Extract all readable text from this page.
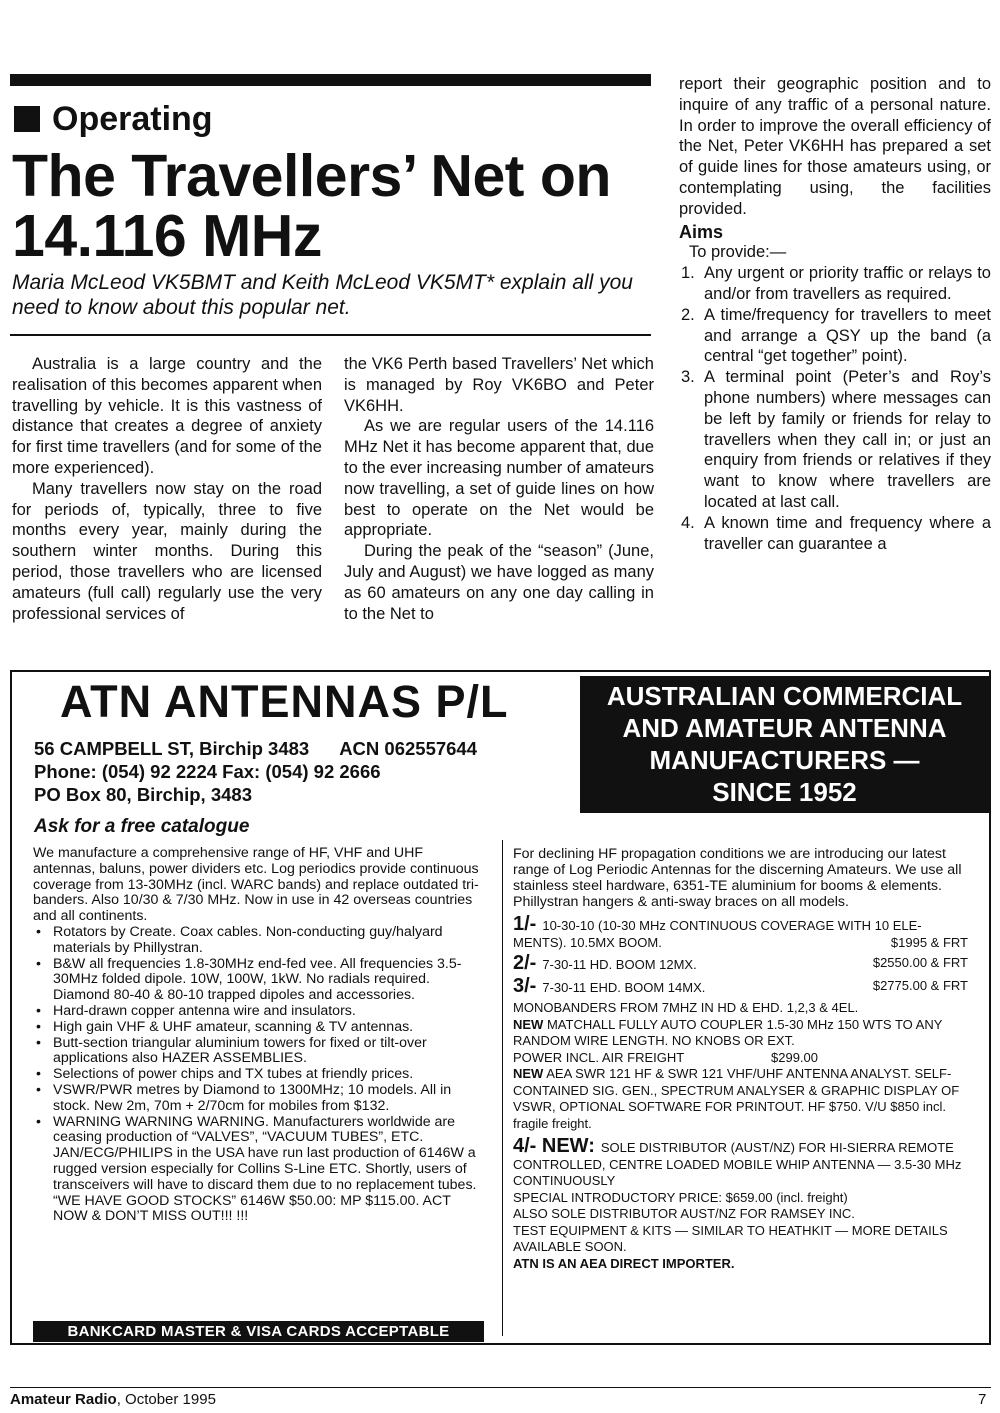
Operating
The Travellers’ Net on 14.116 MHz
Maria McLeod VK5BMT and Keith McLeod VK5MT* explain all you need to know about this popular net.

Australia is a large country and the realisation of this becomes apparent when travelling by vehicle. It is this vastness of distance that creates a degree of anxiety for first time travellers (and for some of the more experienced).

Many travellers now stay on the road for periods of, typically, three to five months every year, mainly during the southern winter months. During this period, those travellers who are licensed amateurs (full call) regularly use the very professional services of

the VK6 Perth based Travellers’ Net which is managed by Roy VK6BO and Peter VK6HH.

As we are regular users of the 14.116 MHz Net it has become apparent that, due to the ever increasing number of amateurs now travelling, a set of guide lines on how best to operate on the Net would be appropriate.

During the peak of the “season” (June, July and August) we have logged as many as 60 amateurs on any one day calling in to the Net to

report their geographic position and to inquire of any traffic of a personal nature. In order to improve the overall efficiency of the Net, Peter VK6HH has prepared a set of guide lines for those amateurs using, or contemplating using, the facilities provided.

Aims

To provide:—

1. Any urgent or priority traffic or relays to and/or from travellers as required.
2. A time/frequency for travellers to meet and arrange a QSY up the band (a central “get together” point).
3. A terminal point (Peter’s and Roy’s phone numbers) where messages can be left by family or friends for relay to travellers when they call in; or just an enquiry from friends or relatives if they want to know where travellers are located at last call.
4. A known time and frequency where a traveller can guarantee a
ATN ANTENNAS P/L
56 CAMPBELL ST, Birchip 3483 ACN 062557644
Phone: (054) 92 2224 Fax: (054) 92 2666
PO Box 80, Birchip, 3483
Ask for a free catalogue
AUSTRALIAN COMMERCIAL
AND AMATEUR ANTENNA
MANUFACTURERS —
SINCE 1952

We manufacture a comprehensive range of HF, VHF and UHF antennas, baluns, power dividers etc. Log periodics provide continuous coverage from 13-30MHz (incl. WARC bands) and replace outdated tri-banders. Also 10/30 & 7/30 MHz. Now in use in 42 overseas countries and all continents.

• Rotators by Create. Coax cables. Non-conducting guy/halyard materials by Phillystran.
• B&W all frequencies 1.8-30MHz end-fed vee. All frequencies 3.5-30MHz folded dipole. 10W, 100W, 1kW. No radials required. Diamond 80-40 & 80-10 trapped dipoles and accessories.
• Hard-drawn copper antenna wire and insulators.
• High gain VHF & UHF amateur, scanning & TV antennas.
• Butt-section triangular aluminium towers for fixed or tilt-over applications also HAZER ASSEMBLIES.
• Selections of power chips and TX tubes at friendly prices.
• VSWR/PWR metres by Diamond to 1300MHz; 10 models. All in stock. New 2m, 70m + 2/70cm for mobiles from $132.
• WARNING WARNING WARNING. Manufacturers worldwide are ceasing production of “VALVES”, “VACUUM TUBES”, ETC. JAN/ECG/PHILIPS in the USA have run last production of 6146W a rugged version especially for Collins S-Line ETC. Shortly, users of transceivers will have to discard them due to no replacement tubes. “WE HAVE GOOD STOCKS” 6146W $50.00: MP $115.00. ACT NOW & DON’T MISS OUT!!! !!!
BANKCARD MASTER & VISA CARDS ACCEPTABLE

For declining HF propagation conditions we are introducing our latest range of Log Periodic Antennas for the discerning Amateurs. We use all stainless steel hardware, 6351-TE aluminium for booms & elements. Phillystran hangers & anti-sway braces on all models.

1/- 10-30-10 (10-30 MHz CONTINUOUS COVERAGE WITH 10 ELE-
MENTS). 10.5MX BOOM.	$1995 & FRT
2/- 7-30-11 HD. BOOM 12MX.	$2550.00 & FRT
3/- 7-30-11 EHD. BOOM 14MX.	$2775.00 & FRT
MONOBANDERS FROM 7MHZ IN HD & EHD. 1,2,3 & 4EL.
NEW MATCHALL FULLY AUTO COUPLER 1.5-30 MHz 150 WTS TO ANY RANDOM WIRE LENGTH. NO KNOBS OR EXT.
POWER INCL. AIR FREIGHT	$299.00
NEW AEA SWR 121 HF & SWR 121 VHF/UHF ANTENNA ANALYST. SELF-CONTAINED SIG. GEN., SPECTRUM ANALYSER & GRAPHIC DISPLAY OF VSWR, OPTIONAL SOFTWARE FOR PRINTOUT. HF $750. V/U $850 incl. fragile freight.
4/- NEW: SOLE DISTRIBUTOR (AUST/NZ) FOR HI-SIERRA REMOTE CONTROLLED, CENTRE LOADED MOBILE WHIP ANTENNA — 3.5-30 MHz CONTINUOUSLY
SPECIAL INTRODUCTORY PRICE: $659.00 (incl. freight)
ALSO SOLE DISTRIBUTOR AUST/NZ FOR RAMSEY INC.
TEST EQUIPMENT & KITS — SIMILAR TO HEATHKIT — MORE DETAILS AVAILABLE SOON.
ATN IS AN AEA DIRECT IMPORTER.
Amateur Radio, October 1995	7
